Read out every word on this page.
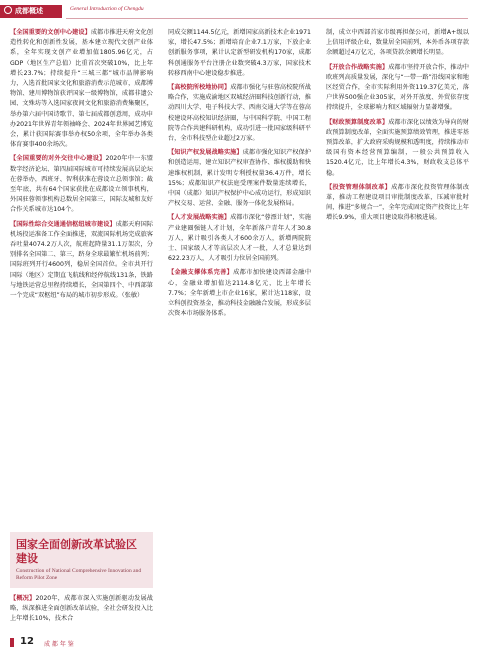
成都概述	General Introduction of Chengdu

【全国重要的文创中心建设】成都市推进天府文化创造性转化和创新性发展，基本建立现代文创产业体系，全年实现文创产业增加值1805.96亿元，占GDP（地区生产总值）比重首次突破10%，比上年增长23.7%；持续提升“三城三都”城市品牌影响力，入选首批国家文化和旅游消费示范城市，成都博物馆、建川博物馆获评国家一级博物馆，成都非遗公园、文殊坊等入选国家夜间文化和旅游消费集聚区，举办第六届中国诗歌节、第七届成都创意周，成功申办2021年世界青年领袖峰会、2024年世界园艺博览会，累计获国际赛事举办权50余项，全年举办各类体育赛事400余场次。

【全国重要的对外交往中心建设】2020年中一东盟数字经济论坛、第四届国际城市可持续发展高层论坛在蓉举办，西班牙、智利获准在蓉设立总领事馆；截至年底，共有64个国家获批在成都设立领事机构，外国驻蓉领事机构总数居全国第三，国际友城和友好合作关系城市达104个。

【国际性综合交通通信枢纽城市建设】成都天府国际机场投运准备工作全面推进，双流国际机场完成旅客吞吐量4074.2万人次，航班起降量31.1万架次，分别排名全国第二、第三，跻身全球最繁忙机场前列；国际班列开行4600列，稳居全国首位。全市共开行国际（地区）定期直飞航线和经停航线131条，铁路与地铁运营总里程持续增长，全国第四个、中西部第一个完成“双枢纽”布局的城市初步形成。（张敏）

国家全面创新改革试验区
建设
Construction of National Comprehensive Innovation and Reform Pilot Zone

【概况】2020年，成都市深入实施创新驱动发展战略，纵深推进全面创新改革试验，全社会研发投入比上年增长10%，技术合

同成交额1144.5亿元，新增国家高新技术企业1971家，增长47.5%；新增培育企业7.1万家，下放企业创新服务事项，累计认定新型研发机构170家，成都科创通服务平台注册企业数突破4.3万家，国家技术转移西南中心建设稳步推进。

【高校院所校地协同】成都市强化与驻蓉高校院所战略合作，实施成渝地区双城经济圈科技创新行动，推动四川大学、电子科技大学、西南交通大学等在蓉高校建设环高校知识经济圈，与中国科学院、中国工程院等合作共建科研机构，成功引进一批国家级科研平台，全市科技型企业超过2万家。

【知识产权发展战略实施】成都市强化知识产权保护和创造运用，建立知识产权审查协作、维权援助和快速维权机制，累计发明专利授权量36.4万件，增长15%；成都知识产权法庭受理案件数量连续增长，中国（成都）知识产权保护中心成功运行，形成知识产权交易、运营、金融、服务一体化发展格局。

【人才发展战略实施】成都市深化“蓉漂计划”，实施产业建圈强链人才计划，全年新落户青年人才30.8万人，累计吸引各类人才600余万人，新增两院院士、国家级人才等高层次人才一批，人才总量达到622.23万人，人才吸引力位居全国前列。

【金融支撑体系完善】成都市加快建设西部金融中心，金融业增加值达2114.8亿元，比上年增长7.7%；全年新增上市企业16家，累计达118家，设立科创投资基金，推动科技金融融合发展，形成多层次资本市场服务体系。

制，成立中西部首家市级再担保公司，新增A+级以上信用评级企业，数量居全国前列，本外币各项存款余额超过4万亿元，各项贷款余额增长明显。

【开放合作战略实施】成都市坚持开放合作，推动中欧班列高质量发展，深化与“一带一路”沿线国家和地区经贸合作，全市实际利用外资119.37亿美元，落户世界500强企业305家，对外开放度、外贸依存度持续提升，全球影响力和区域辐射力显著增强。

【财政预算制度改革】成都市深化以绩效为导向的财政预算制度改革，全面实施预算绩效管理，推进零基预算改革，扩大政府采购规模和透明度，持续推动市级国有资本经营预算编制，一般公共预算收入1520.4亿元，比上年增长4.3%，财政收支总体平稳。

【投资管理体制改革】成都市深化投资管理体制改革，推动工程建设项目审批制度改革，压减审批时间，推进“多规合一”，全年完成固定资产投资比上年增长9.9%，重大项目建设取得积极进展。

12 成 都 年 鉴
